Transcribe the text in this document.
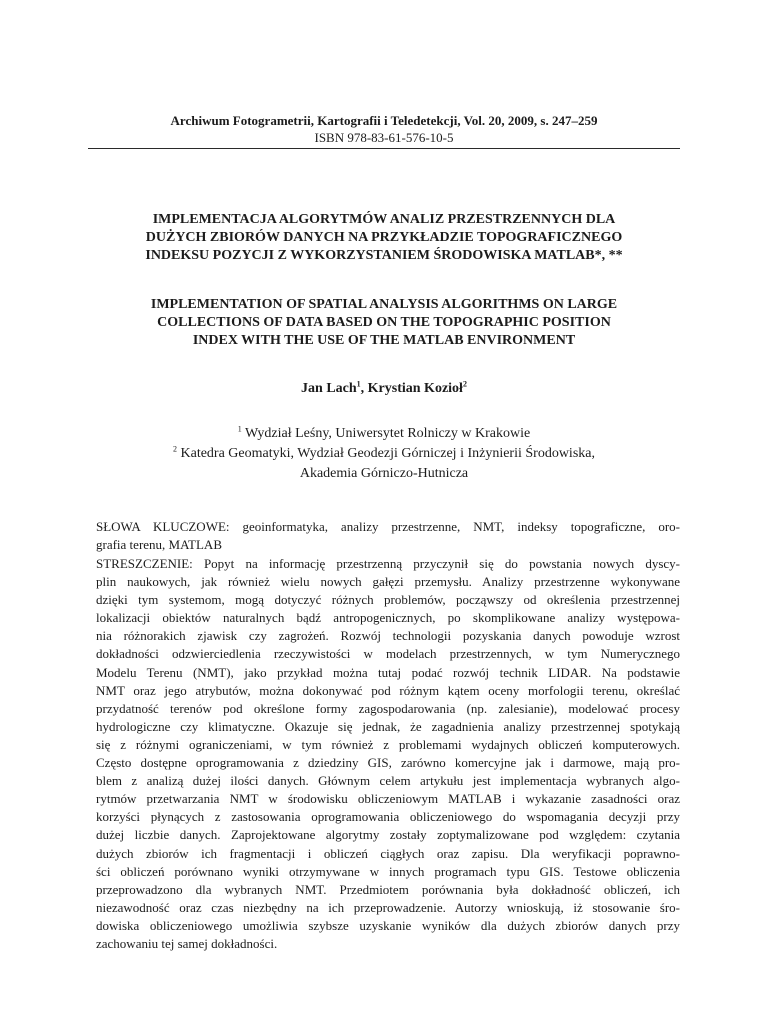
Archiwum Fotogrametrii, Kartografii i Teledetekcji, Vol. 20, 2009, s. 247–259
ISBN 978-83-61-576-10-5
IMPLEMENTACJA ALGORYTMÓW ANALIZ PRZESTRZENNYCH DLA
DUŻYCH ZBIORÓW DANYCH NA PRZYKŁADZIE TOPOGRAFICZNEGO
INDEKSU POZYCJI Z WYKORZYSTANIEM ŚRODOWISKA MATLAB*, **
IMPLEMENTATION OF SPATIAL ANALYSIS ALGORITHMS ON LARGE
COLLECTIONS OF DATA BASED ON THE TOPOGRAPHIC POSITION
INDEX WITH THE USE OF THE MATLAB ENVIRONMENT
Jan Lach$^1$, Krystian Kozioł$^2$
$^1$ Wydział Leśny, Uniwersytet Rolniczy w Krakowie
$^2$ Katedra Geomatyki, Wydział Geodezji Górniczej i Inżynierii Środowiska,
Akademia Górniczo-Hutnicza
SŁOWA KLUCZOWE: geoinformatyka, analizy przestrzenne, NMT, indeksy topograficzne, oro-
grafia terenu, MATLAB
STRESZCZENIE: Popyt na informację przestrzenną przyczynił się do powstania nowych dyscy-
plin naukowych, jak również wielu nowych gałęzi przemysłu. Analizy przestrzenne wykonywane
dzięki tym systemom, mogą dotyczyć różnych problemów, począwszy od określenia przestrzennej
lokalizacji obiektów naturalnych bądź antropogenicznych, po skomplikowane analizy występowa-
nia różnorakich zjawisk czy zagrożeń. Rozwój technologii pozyskania danych powoduje wzrost
dokładności odzwierciedlenia rzeczywistości w modelach przestrzennych, w tym Numerycznego
Modelu Terenu (NMT), jako przykład można tutaj podać rozwój technik LIDAR. Na podstawie
NMT oraz jego atrybutów, można dokonywać pod różnym kątem oceny morfologii terenu, określać
przydatność terenów pod określone formy zagospodarowania (np. zalesianie), modelować procesy
hydrologiczne czy klimatyczne. Okazuje się jednak, że zagadnienia analizy przestrzennej spotykają
się z różnymi ograniczeniami, w tym również z problemami wydajnych obliczeń komputerowych.
Często dostępne oprogramowania z dziedziny GIS, zarówno komercyjne jak i darmowe, mają pro-
blem z analizą dużej ilości danych. Głównym celem artykułu jest implementacja wybranych algo-
rytmów przetwarzania NMT w środowisku obliczeniowym MATLAB i wykazanie zasadności oraz
korzyści płynących z zastosowania oprogramowania obliczeniowego do wspomagania decyzji przy
dużej liczbie danych. Zaprojektowane algorytmy zostały zoptymalizowane pod względem: czytania
dużych zbiorów ich fragmentacji i obliczeń ciągłych oraz zapisu. Dla weryfikacji poprawno-
ści obliczeń porównano wyniki otrzymywane w innych programach typu GIS. Testowe obliczenia
przeprowadzono dla wybranych NMT. Przedmiotem porównania była dokładność obliczeń, ich
niezawodność oraz czas niezbędny na ich przeprowadzenie. Autorzy wnioskują, iż stosowanie śro-
dowiska obliczeniowego umożliwia szybsze uzyskanie wyników dla dużych zbiorów danych przy
zachowaniu tej samej dokładności.
